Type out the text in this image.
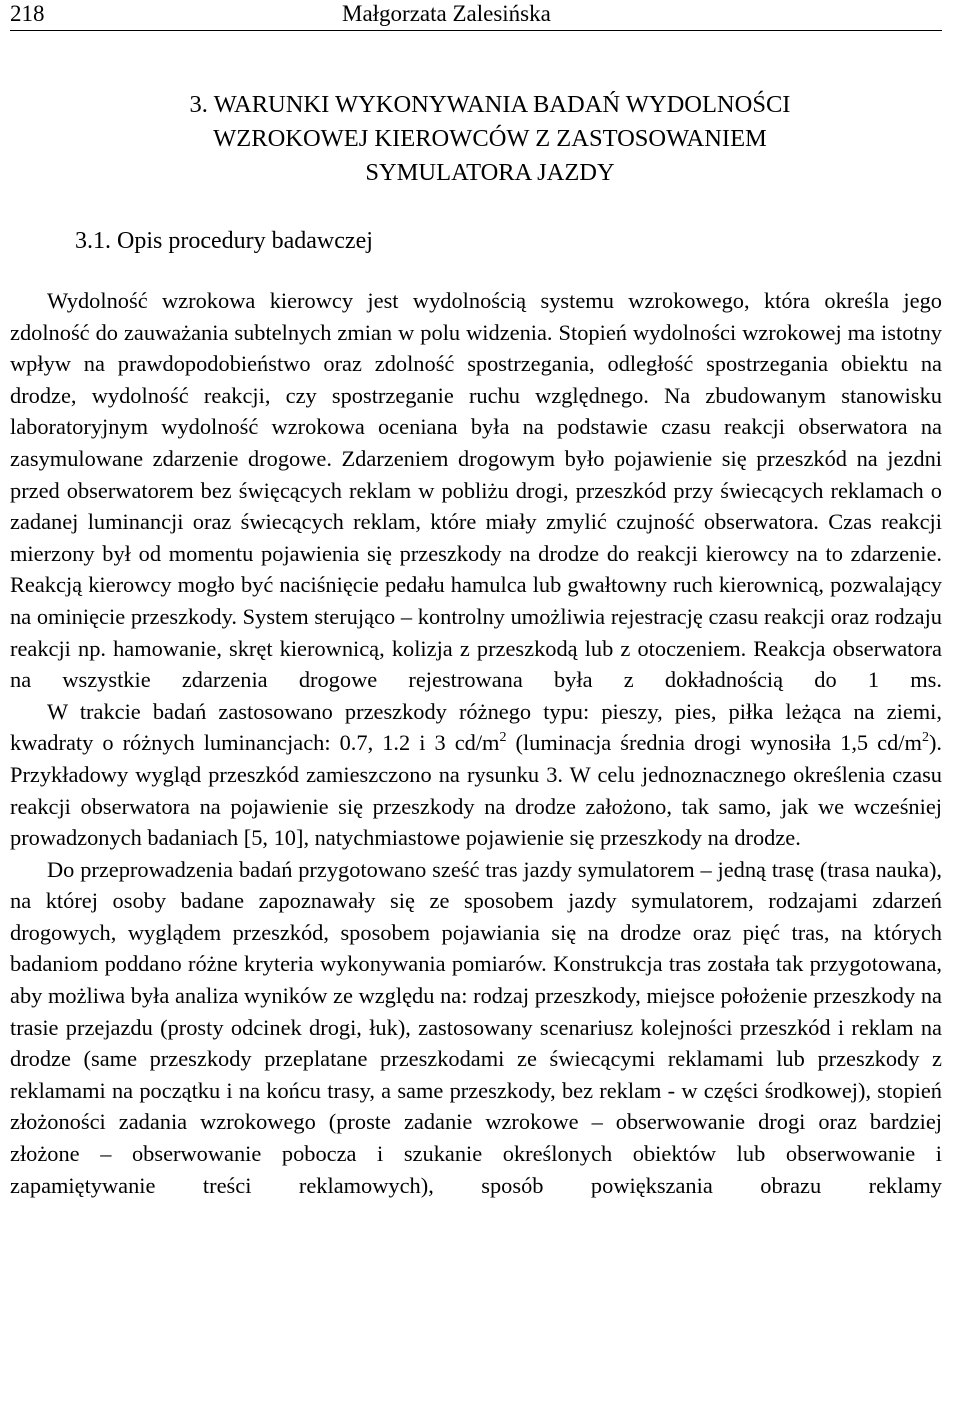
218	Małgorzata Zalesińska
3. WARUNKI WYKONYWANIA BADAŃ WYDOLNOŚCI
WZROKOWEJ KIEROWCÓW Z ZASTOSOWANIEM
SYMULATORA JAZDY
3.1. Opis procedury badawczej

Wydolność wzrokowa kierowcy jest wydolnością systemu wzrokowego, która określa jego zdolność do zauważania subtelnych zmian w polu widzenia. Stopień wydolności wzrokowej ma istotny wpływ na prawdopodobieństwo oraz zdolność spostrzegania, odległość spostrzegania obiektu na drodze, wydolność reakcji, czy spostrzeganie ruchu względnego. Na zbudowanym stanowisku laboratoryjnym wydolność wzrokowa oceniana była na podstawie czasu reakcji obserwatora na zasymulowane zdarzenie drogowe. Zdarzeniem drogowym było pojawienie się przeszkód na jezdni przed obserwatorem bez święcących reklam w pobliżu drogi, przeszkód przy świecących reklamach o zadanej luminancji oraz świecących reklam, które miały zmylić czujność obserwatora. Czas reakcji mierzony był od momentu pojawienia się przeszkody na drodze do reakcji kierowcy na to zdarzenie. Reakcją kierowcy mogło być naciśnięcie pedału hamulca lub gwałtowny ruch kierownicą, pozwalający na ominięcie przeszkody. System sterująco – kontrolny umożliwia rejestrację czasu reakcji oraz rodzaju reakcji np. hamowanie, skręt kierownicą, kolizja z przeszkodą lub z otoczeniem. Reakcja obserwatora na wszystkie zdarzenia drogowe rejestrowana była z dokładnością do 1 ms.

W trakcie badań zastosowano przeszkody różnego typu: pieszy, pies, piłka leżąca na ziemi, kwadraty o różnych luminancjach: 0.7, 1.2 i 3 $cd/m^2$ (luminacja średnia drogi wynosiła 1,5 $cd/m^2$). Przykładowy wygląd przeszkód zamieszczono na rysunku 3. W celu jednoznacznego określenia czasu reakcji obserwatora na pojawienie się przeszkody na drodze założono, tak samo, jak we wcześniej prowadzonych badaniach [5, 10], natychmiastowe pojawienie się przeszkody na drodze.

Do przeprowadzenia badań przygotowano sześć tras jazdy symulatorem – jedną trasę (trasa nauka), na której osoby badane zapoznawały się ze sposobem jazdy symulatorem, rodzajami zdarzeń drogowych, wyglądem przeszkód, sposobem pojawiania się na drodze oraz pięć tras, na których badaniom poddano różne kryteria wykonywania pomiarów. Konstrukcja tras została tak przygotowana, aby możliwa była analiza wyników ze względu na: rodzaj przeszkody, miejsce położenie przeszkody na trasie przejazdu (prosty odcinek drogi, łuk), zastosowany scenariusz kolejności przeszkód i reklam na drodze (same przeszkody przeplatane przeszkodami ze świecącymi reklamami lub przeszkody z reklamami na początku i na końcu trasy, a same przeszkody, bez reklam - w części środkowej), stopień złożoności zadania wzrokowego (proste zadanie wzrokowe – obserwowanie drogi oraz bardziej złożone – obserwowanie pobocza i szukanie określonych obiektów lub obserwowanie i zapamiętywanie treści reklamowych), sposób powiększania obrazu reklamy
